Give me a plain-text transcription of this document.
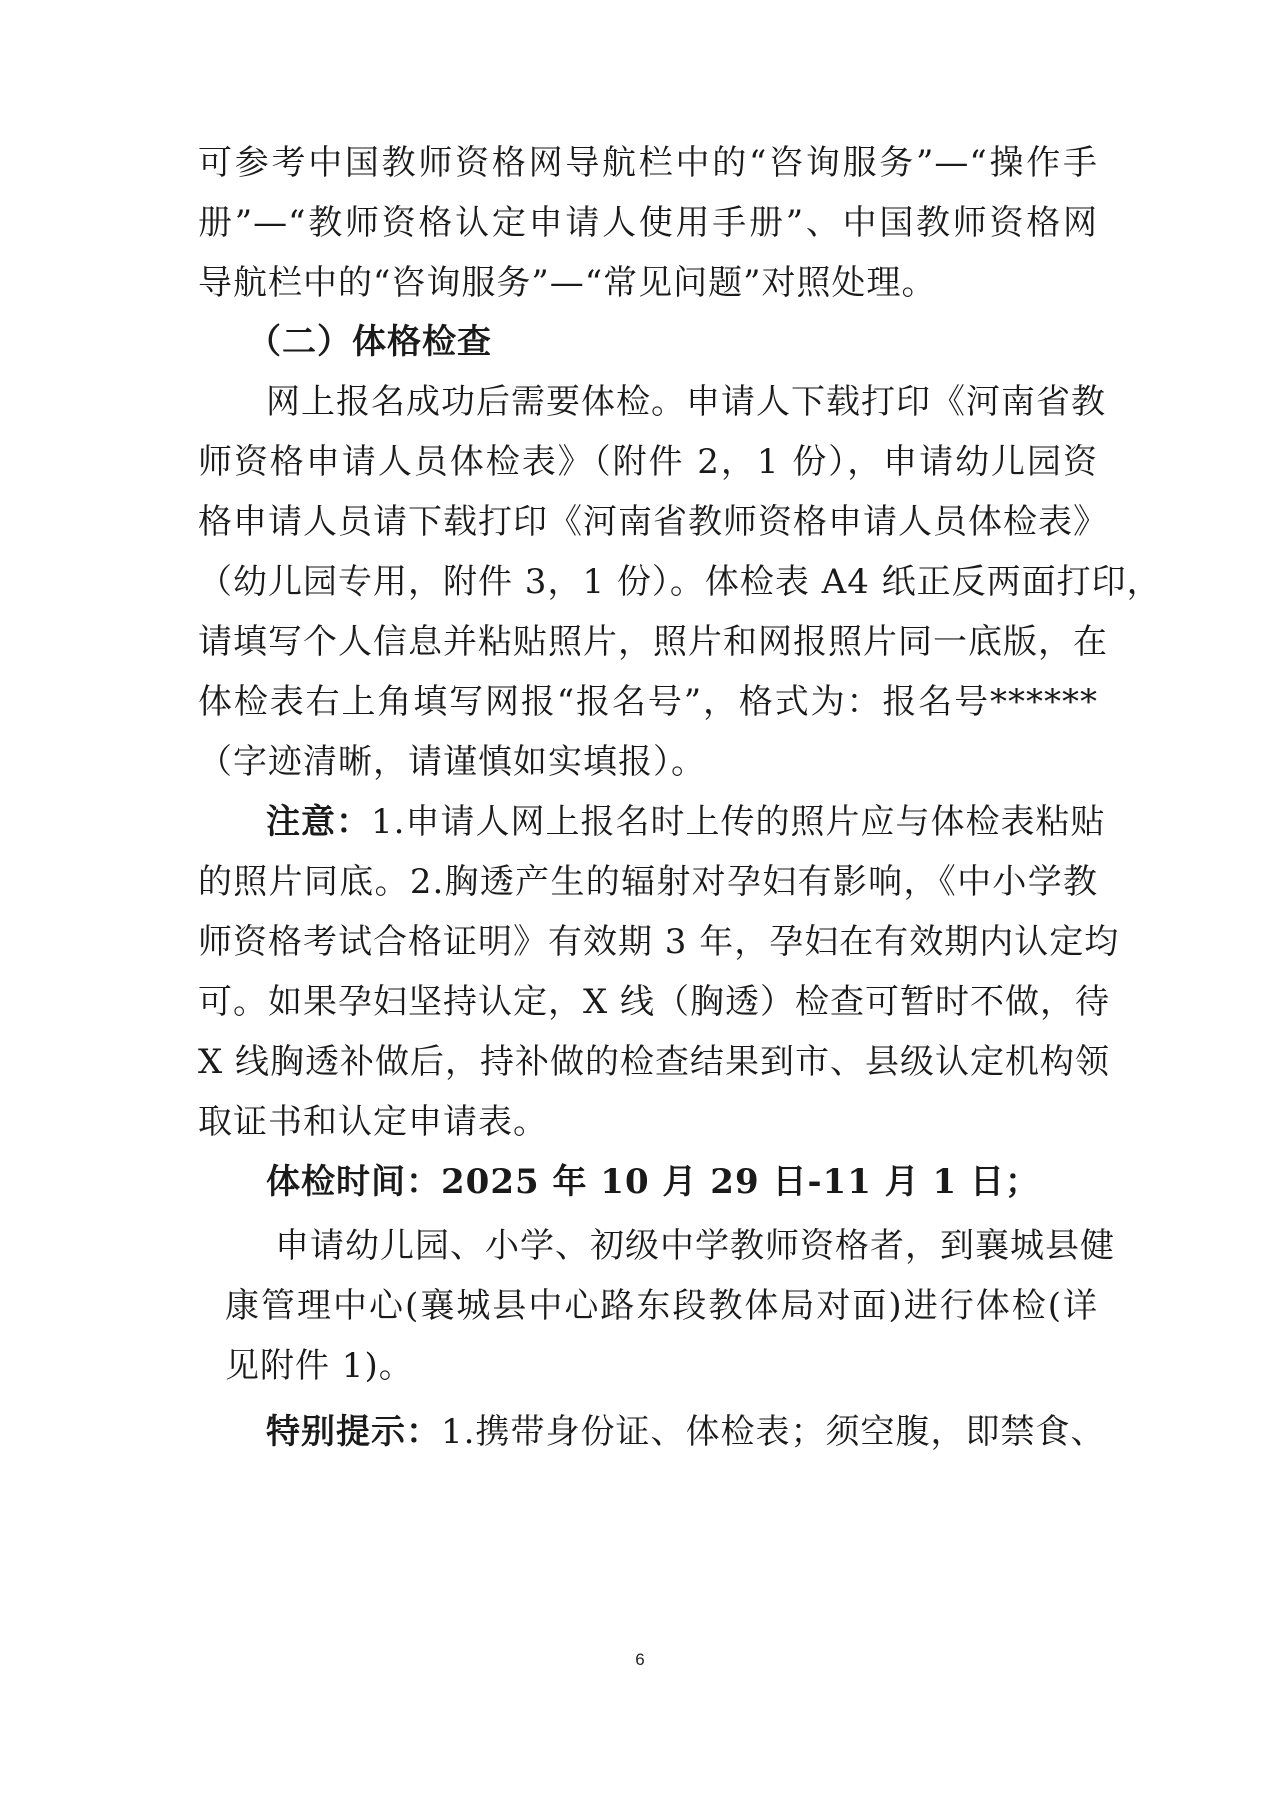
可参考中国教师资格网导航栏中的“咨询服务”—“操作手
册”—“教师资格认定申请人使用手册”、中国教师资格网
导航栏中的“咨询服务”—“常见问题”对照处理。
（二）体格检查
网上报名成功后需要体检。申请人下载打印《河南省教
师资格申请人员体检表》（附件 2，1 份），申请幼儿园资
格申请人员请下载打印《河南省教师资格申请人员体检表》
（幼儿园专用，附件 3，1 份）。体检表 A4 纸正反两面打印，
请填写个人信息并粘贴照片，照片和网报照片同一底版，在
体检表右上角填写网报“报名号”，格式为：报名号******
（字迹清晰，请谨慎如实填报）。
注意：1.申请人网上报名时上传的照片应与体检表粘贴
的照片同底。2.胸透产生的辐射对孕妇有影响，《中小学教
师资格考试合格证明》有效期 3 年，孕妇在有效期内认定均
可。如果孕妇坚持认定，X 线（胸透）检查可暂时不做，待
X 线胸透补做后，持补做的检查结果到市、县级认定机构领
取证书和认定申请表。
体检时间：2025 年 10 月 29 日-11 月 1 日；
申请幼儿园、小学、初级中学教师资格者，到襄城县健
康管理中心(襄城县中心路东段教体局对面)进行体检(详
见附件 1)。
特别提示：1.携带身份证、体检表；须空腹，即禁食、
6
